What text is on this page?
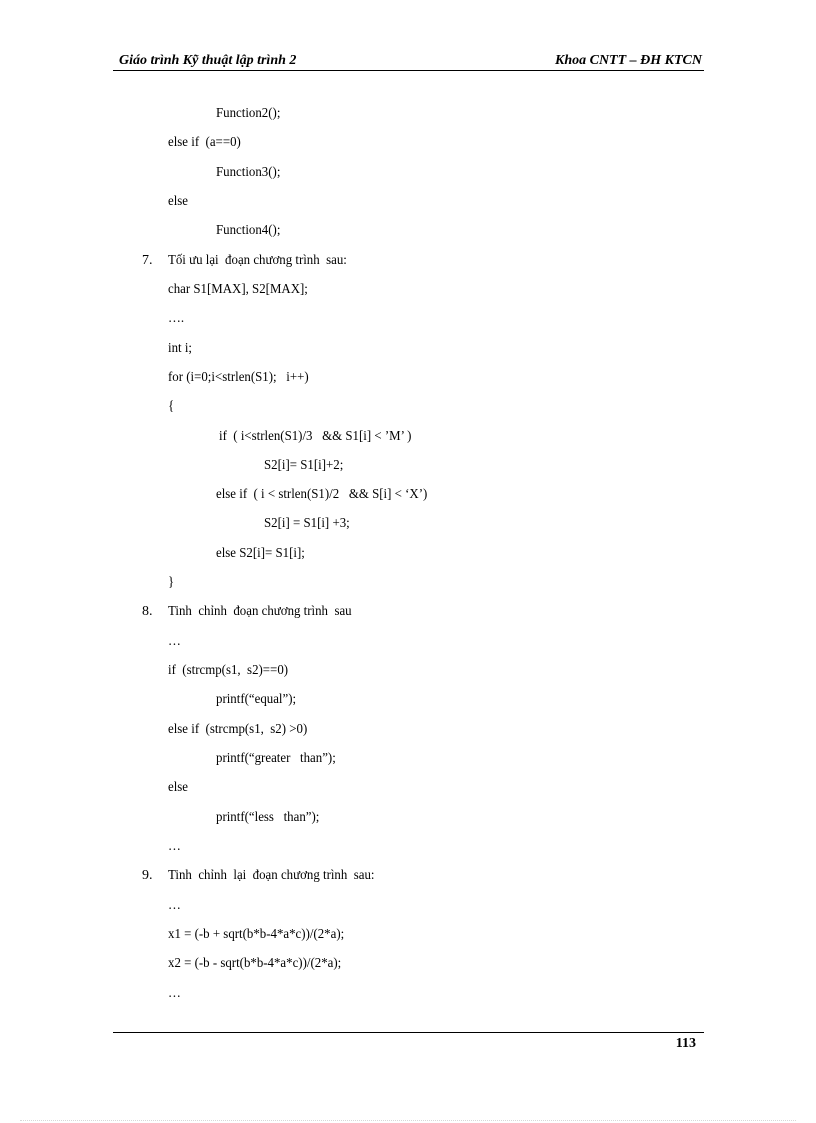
Giáo trình Kỹ thuật lập trình 2	Khoa CNTT – ĐH KTCN
Function2();
else if  (a==0)
Function3();
else
Function4();
7. Tối ưu lại  đoạn chương trình  sau:
char S1[MAX], S2[MAX];
….
int i;
for (i=0;i<strlen(S1);   i++)
{
if  ( i<strlen(S1)/3   && S1[i] < ’M’ )
S2[i]= S1[i]+2;
else if  ( i < strlen(S1)/2   && S[i] < ‘X’)
S2[i] = S1[i] +3;
else S2[i]= S1[i];
}
8. Tinh  chỉnh  đoạn chương trình  sau
…
if  (strcmp(s1,  s2)==0)
printf(“equal”);
else if  (strcmp(s1,  s2) >0)
printf(“greater   than”);
else
printf(“less   than”);
…
9. Tinh  chỉnh  lại  đoạn chương trình  sau:
…
x1 = (-b + sqrt(b*b-4*a*c))/(2*a);
x2 = (-b - sqrt(b*b-4*a*c))/(2*a);
…
113
